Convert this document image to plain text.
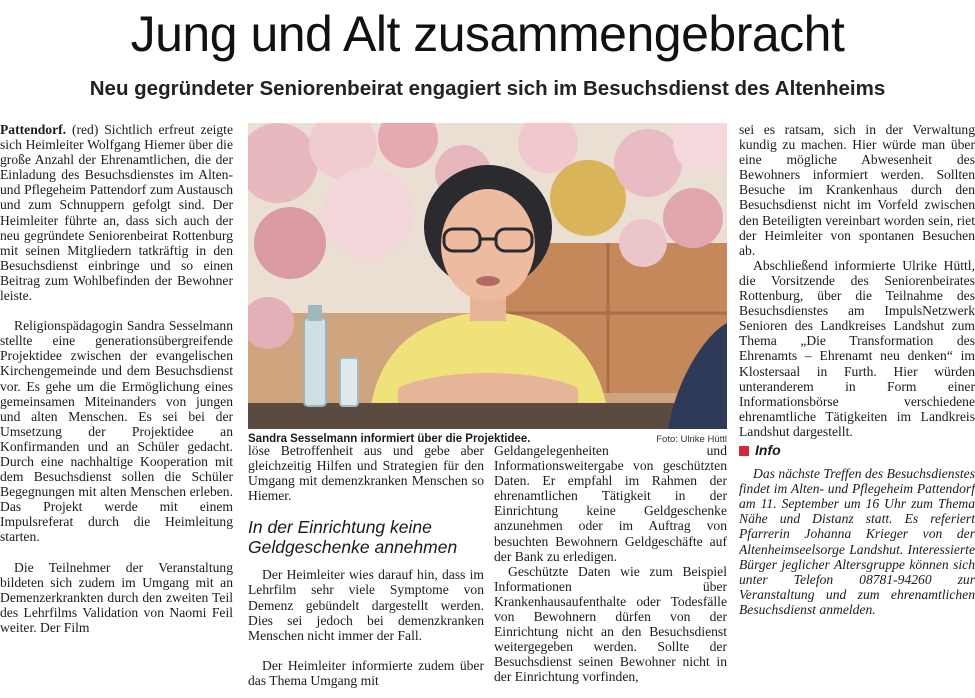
Jung und Alt zusammengebracht
Neu gegründeter Seniorenbeirat engagiert sich im Besuchsdienst des Altenheims

Pattendorf. (red) Sichtlich erfreut zeigte sich Heimleiter Wolfgang Hiemer über die große Anzahl der Ehrenamtlichen, die der Einladung des Besuchsdienstes im Alten- und Pflegeheim Pattendorf zum Austausch und zum Schnuppern gefolgt sind. Der Heimleiter führte an, dass sich auch der neu gegründete Seniorenbeirat Rottenburg mit seinen Mitgliedern tatkräftig in den Besuchsdienst einbringe und so einen Beitrag zum Wohlbefinden der Bewohner leiste.

Religionspädagogin Sandra Sesselmann stellte eine generationsübergreifende Projektidee zwischen der evangelischen Kirchengemeinde und dem Besuchsdienst vor. Es gehe um die Ermöglichung eines gemeinsamen Miteinanders von jungen und alten Menschen. Es sei bei der Umsetzung der Projektidee an Konfirmanden und an Schüler gedacht. Durch eine nachhaltige Kooperation mit dem Besuchsdienst sollen die Schüler Begegnungen mit alten Menschen erleben. Das Projekt werde mit einem Impulsreferat durch die Heimleitung starten.

Die Teilnehmer der Veranstaltung bildeten sich zudem im Umgang mit an Demenzerkrankten durch den zweiten Teil des Lehrfilms Validation von Naomi Feil weiter. Der Film

Sandra Sesselmann informiert über die Projektidee.	Foto: Ulrike Hüttl

löse Betroffenheit aus und gebe aber gleichzeitig Hilfen und Strategien für den Umgang mit demenzkranken Menschen so Hiemer.

In der Einrichtung keine Geldgeschenke annehmen

Der Heimleiter wies darauf hin, dass im Lehrfilm sehr viele Symptome von Demenz gebündelt dargestellt werden. Dies sei jedoch bei demenzkranken Menschen nicht immer der Fall.

Der Heimleiter informierte zudem über das Thema Umgang mit

Geldangelegenheiten und Informationsweitergabe von geschützten Daten. Er empfahl im Rahmen der ehrenamtlichen Tätigkeit in der Einrichtung keine Geldgeschenke anzunehmen oder im Auftrag von besuchten Bewohnern Geldgeschäfte auf der Bank zu erledigen.

Geschützte Daten wie zum Beispiel Informationen über Krankenhausaufenthalte oder Todesfälle von Bewohnern dürfen von der Einrichtung nicht an den Besuchsdienst weitergegeben werden. Sollte der Besuchsdienst seinen Bewohner nicht in der Einrichtung vorfinden,

sei es ratsam, sich in der Verwaltung kundig zu machen. Hier würde man über eine mögliche Abwesenheit des Bewohners informiert werden. Sollten Besuche im Krankenhaus durch den Besuchsdienst nicht im Vorfeld zwischen den Beteiligten vereinbart worden sein, riet der Heimleiter von spontanen Besuchen ab.

Abschließend informierte Ulrike Hüttl, die Vorsitzende des Seniorenbeirates Rottenburg, über die Teilnahme des Besuchsdienstes am ImpulsNetzwerk Senioren des Landkreises Landshut zum Thema „Die Transformation des Ehrenamts – Ehrenamt neu denken“ im Klostersaal in Furth. Hier würden unteranderem in Form einer Informationsbörse verschiedene ehrenamtliche Tätigkeiten im Landkreis Landshut dargestellt.

Info

Das nächste Treffen des Besuchsdienstes findet im Alten- und Pflegeheim Pattendorf am 11. September um 16 Uhr zum Thema Nähe und Distanz statt. Es referiert Pfarrerin Johanna Krieger von der Altenheimseelsorge Landshut. Interessierte Bürger jeglicher Altersgruppe können sich unter Telefon 08781-94260 zur Veranstaltung und zum ehrenamtlichen Besuchsdienst anmelden.
